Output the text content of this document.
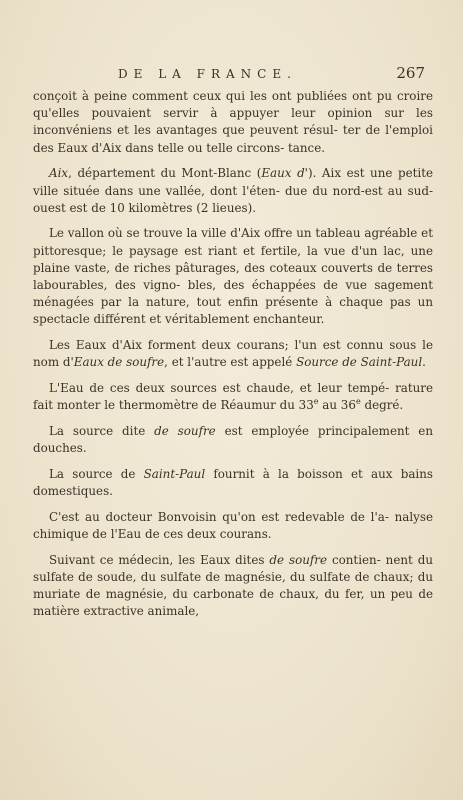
DE LA FRANCE.	267

conçoit à peine comment ceux qui les ont publiées ont pu croire qu'elles pouvaient servir à appuyer leur opinion sur les inconvéniens et les avantages que peuvent résul- ter de l'emploi des Eaux d'Aix dans telle ou telle circons- tance.

Aix, département du Mont-Blanc (Eaux d'). Aix est une petite ville située dans une vallée, dont l'éten- due du nord-est au sud-ouest est de 10 kilomètres (2 lieues).

Le vallon où se trouve la ville d'Aix offre un tableau agréable et pittoresque; le paysage est riant et fertile, la vue d'un lac, une plaine vaste, de riches pâturages, des coteaux couverts de terres labourables, des vigno- bles, des échappées de vue sagement ménagées par la nature, tout enfin présente à chaque pas un spectacle différent et véritablement enchanteur.

Les Eaux d'Aix forment deux courans; l'un est connu sous le nom d'Eaux de soufre, et l'autre est appelé Source de Saint-Paul.

L'Eau de ces deux sources est chaude, et leur tempé- rature fait monter le thermomètre de Réaumur du 33e au 36e degré.

La source dite de soufre est employée principalement en douches.

La source de Saint-Paul fournit à la boisson et aux bains domestiques.

C'est au docteur Bonvoisin qu'on est redevable de l'a- nalyse chimique de l'Eau de ces deux courans.

Suivant ce médecin, les Eaux dites de soufre contien- nent du sulfate de soude, du sulfate de magnésie, du sulfate de chaux; du muriate de magnésie, du carbonate de chaux, du fer, un peu de matière extractive animale,
